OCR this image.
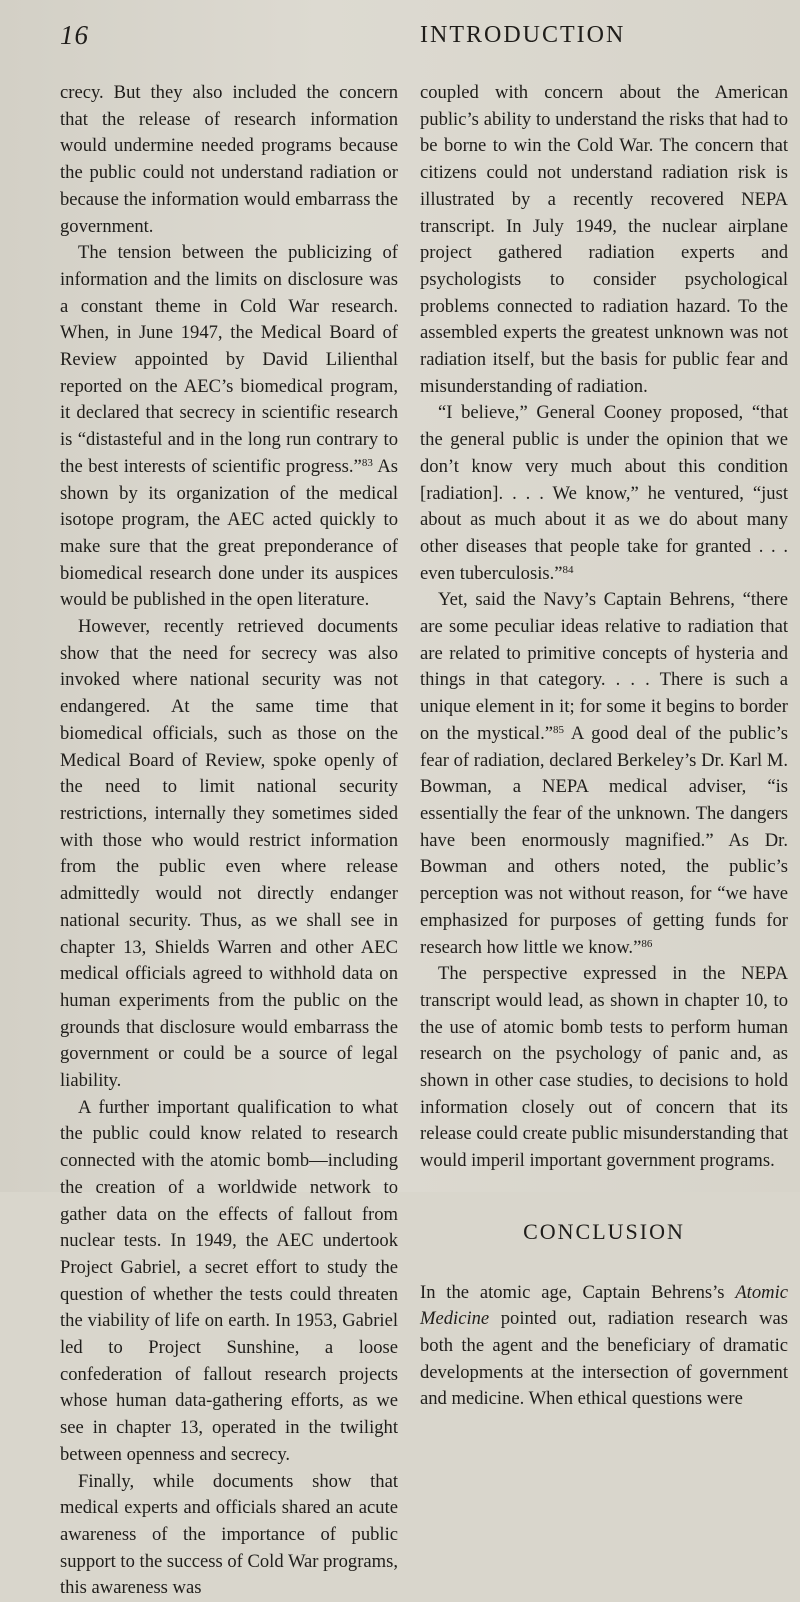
16	INTRODUCTION

crecy. But they also included the concern that the release of research information would undermine needed programs because the public could not understand radiation or because the information would embarrass the government.

The tension between the publicizing of information and the limits on disclosure was a constant theme in Cold War research. When, in June 1947, the Medical Board of Review appointed by David Lilienthal reported on the AEC’s biomedical program, it declared that secrecy in scientific research is “distasteful and in the long run contrary to the best interests of scientific progress.”$^{83}$ As shown by its organization of the medical isotope program, the AEC acted quickly to make sure that the great preponderance of biomedical research done under its auspices would be published in the open literature.

However, recently retrieved documents show that the need for secrecy was also invoked where national security was not endangered. At the same time that biomedical officials, such as those on the Medical Board of Review, spoke openly of the need to limit national security restrictions, internally they sometimes sided with those who would restrict information from the public even where release admittedly would not directly endanger national security. Thus, as we shall see in chapter 13, Shields Warren and other AEC medical officials agreed to withhold data on human experiments from the public on the grounds that disclosure would embarrass the government or could be a source of legal liability.

A further important qualification to what the public could know related to research connected with the atomic bomb—including the creation of a worldwide network to gather data on the effects of fallout from nuclear tests. In 1949, the AEC undertook Project Gabriel, a secret effort to study the question of whether the tests could threaten the viability of life on earth. In 1953, Gabriel led to Project Sunshine, a loose confederation of fallout research projects whose human data-gathering efforts, as we see in chapter 13, operated in the twilight between openness and secrecy.

Finally, while documents show that medical experts and officials shared an acute awareness of the importance of public support to the success of Cold War programs, this awareness was

coupled with concern about the American public’s ability to understand the risks that had to be borne to win the Cold War. The concern that citizens could not understand radiation risk is illustrated by a recently recovered NEPA transcript. In July 1949, the nuclear airplane project gathered radiation experts and psychologists to consider psychological problems connected to radiation hazard. To the assembled experts the greatest unknown was not radiation itself, but the basis for public fear and misunderstanding of radiation.

“I believe,” General Cooney proposed, “that the general public is under the opinion that we don’t know very much about this condition [radiation]. . . . We know,” he ventured, “just about as much about it as we do about many other diseases that people take for granted . . . even tuberculosis.”$^{84}$

Yet, said the Navy’s Captain Behrens, “there are some peculiar ideas relative to radiation that are related to primitive concepts of hysteria and things in that category. . . . There is such a unique element in it; for some it begins to border on the mystical.”$^{85}$ A good deal of the public’s fear of radiation, declared Berkeley’s Dr. Karl M. Bowman, a NEPA medical adviser, “is essentially the fear of the unknown. The dangers have been enormously magnified.” As Dr. Bowman and others noted, the public’s perception was not without reason, for “we have emphasized for purposes of getting funds for research how little we know.”$^{86}$

The perspective expressed in the NEPA transcript would lead, as shown in chapter 10, to the use of atomic bomb tests to perform human research on the psychology of panic and, as shown in other case studies, to decisions to hold information closely out of concern that its release could create public misunderstanding that would imperil important government programs.

CONCLUSION

In the atomic age, Captain Behrens’s Atomic Medicine pointed out, radiation research was both the agent and the beneficiary of dramatic developments at the intersection of government and medicine. When ethical questions were
